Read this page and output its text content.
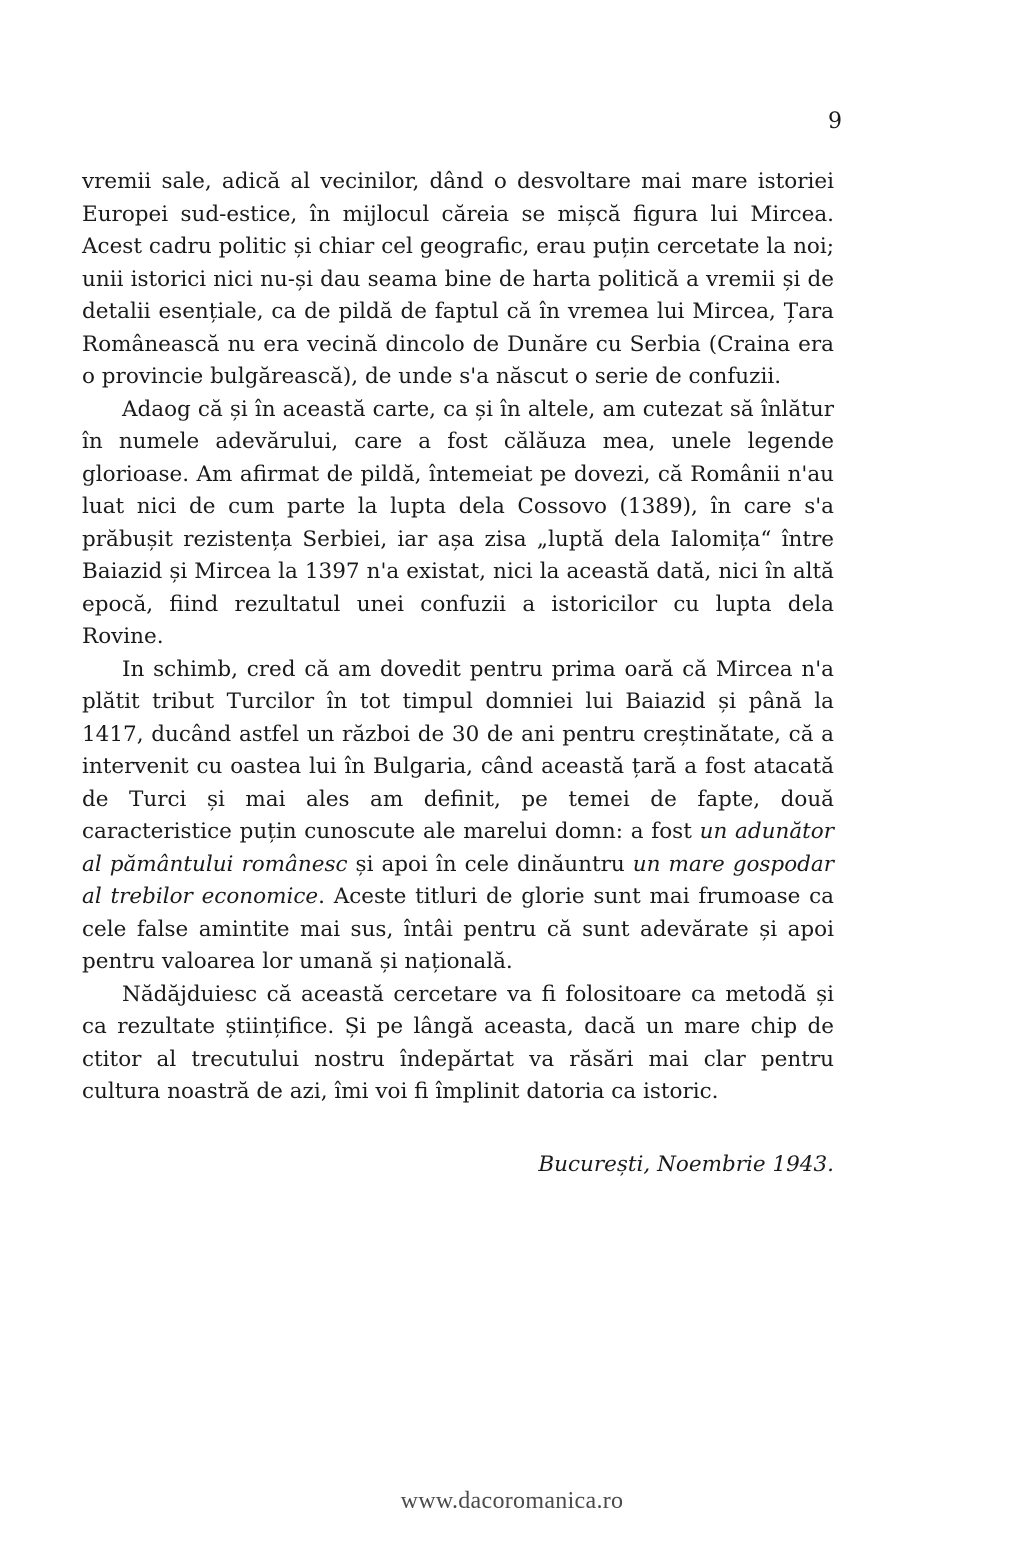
9

vremii sale, adică al vecinilor, dând o desvoltare mai mare istoriei Europei sud-estice, în mijlocul căreia se mișcă figura lui Mircea. Acest cadru politic și chiar cel geografic, erau puțin cercetate la noi; unii istorici nici nu-și dau seama bine de harta politică a vremii și de detalii esențiale, ca de pildă de faptul că în vremea lui Mircea, Țara Românească nu era vecină dincolo de Dunăre cu Serbia (Craina era o provincie bulgărească), de unde s'a născut o serie de confuzii.

Adaog că și în această carte, ca și în altele, am cutezat să înlătur în numele adevărului, care a fost călăuza mea, unele legende glorioase. Am afirmat de pildă, întemeiat pe dovezi, că Românii n'au luat nici de cum parte la lupta dela Cossovo (1389), în care s'a prăbușit rezistența Serbiei, iar așa zisa „luptă dela Ialomița“ între Baiazid și Mircea la 1397 n'a existat, nici la această dată, nici în altă epocă, fiind rezultatul unei confuzii a istoricilor cu lupta dela Rovine.

In schimb, cred că am dovedit pentru prima oară că Mircea n'a plătit tribut Turcilor în tot timpul domniei lui Baiazid și până la 1417, ducând astfel un război de 30 de ani pentru creștinătate, că a intervenit cu oastea lui în Bulgaria, când această țară a fost atacată de Turci și mai ales am definit, pe temei de fapte, două caracteristice puțin cunoscute ale marelui domn: a fost un adunător al pământului românesc și apoi în cele dinăuntru un mare gospodar al trebilor economice. Aceste titluri de glorie sunt mai frumoase ca cele false amintite mai sus, întâi pentru că sunt adevărate și apoi pentru valoarea lor umană și națională.

Nădăjduiesc că această cercetare va fi folositoare ca metodă și ca rezultate științifice. Și pe lângă aceasta, dacă un mare chip de ctitor al trecutului nostru îndepărtat va răsări mai clar pentru cultura noastră de azi, îmi voi fi împlinit datoria ca istoric.

București, Noembrie 1943.
www.dacoromanica.ro
